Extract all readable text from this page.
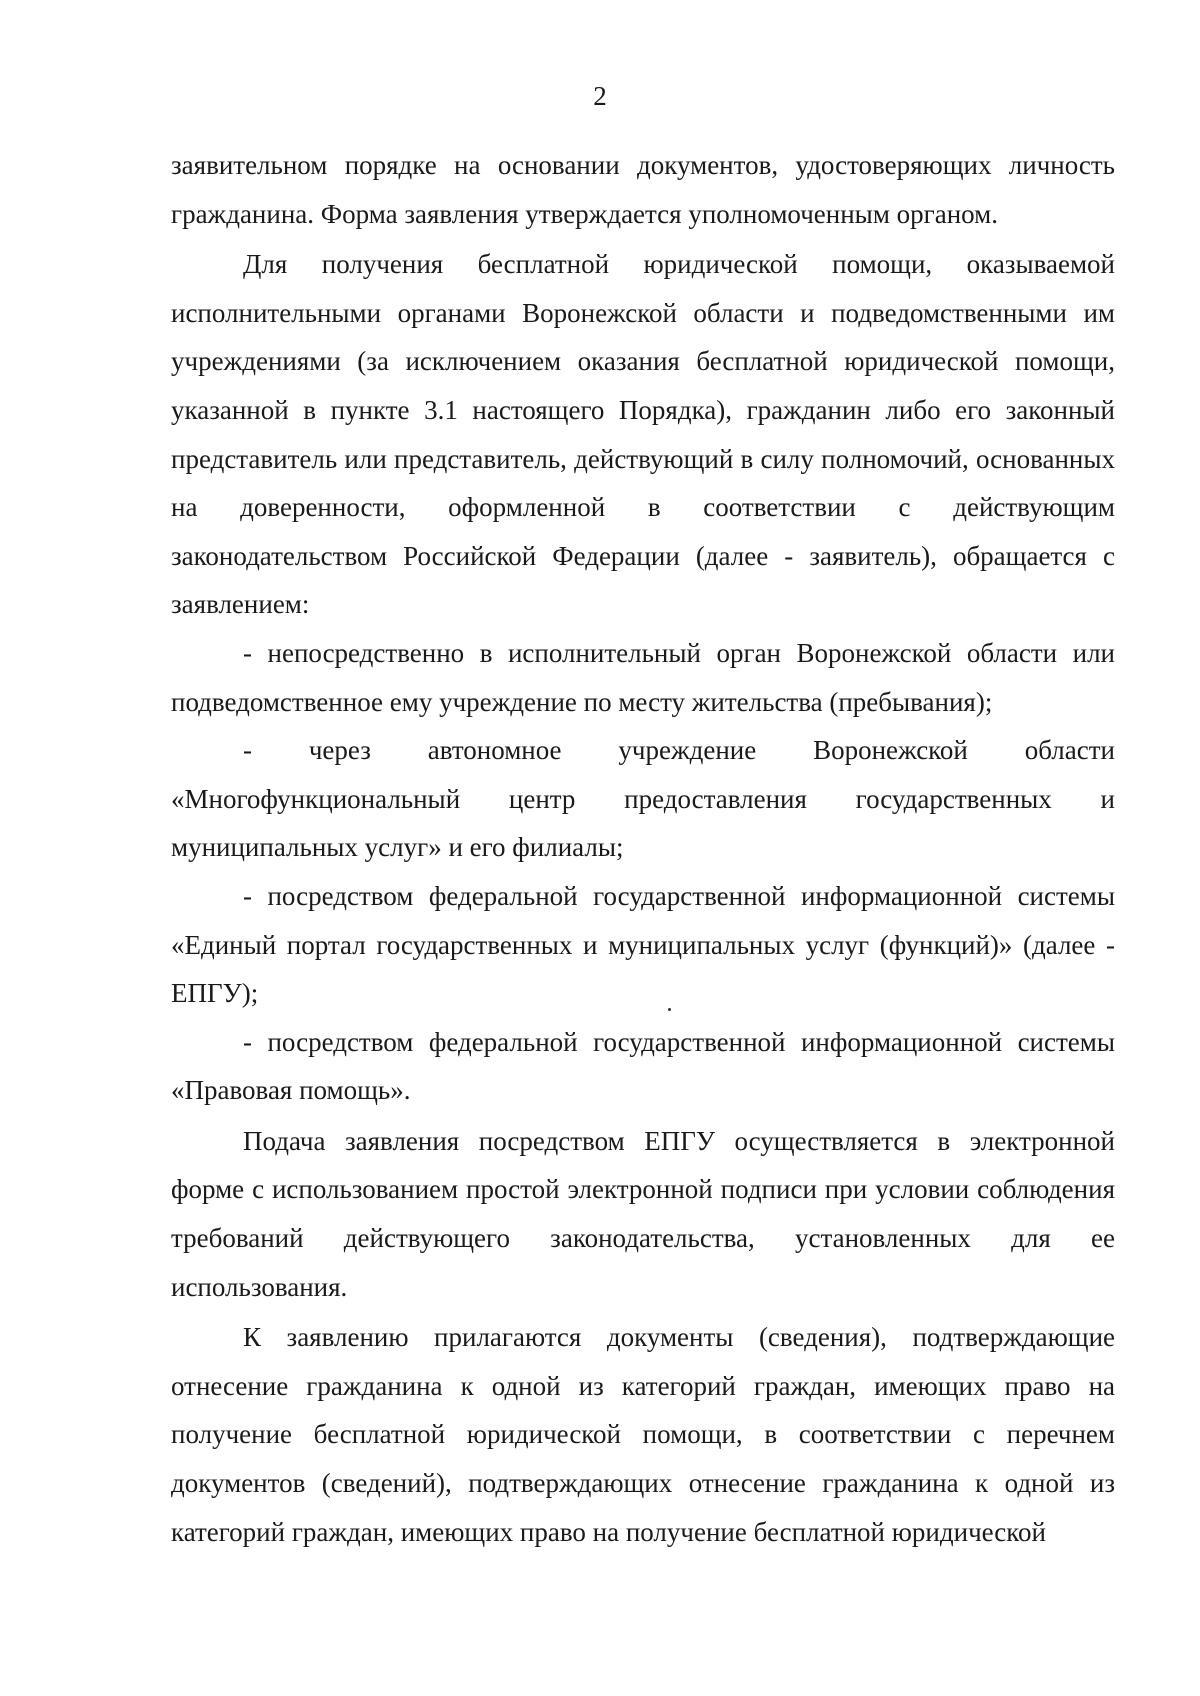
2

заявительном порядке на основании документов, удостоверяющих личность гражданина. Форма заявления утверждается уполномоченным органом.

Для получения бесплатной юридической помощи, оказываемой исполнительными органами Воронежской области и подведомственными им учреждениями (за исключением оказания бесплатной юридической помощи, указанной в пункте 3.1 настоящего Порядка), гражданин либо его законный представитель или представитель, действующий в силу полномочий, основанных на доверенности, оформленной в соответствии с действующим законодательством Российской Федерации (далее - заявитель), обращается с заявлением:

- непосредственно в исполнительный орган Воронежской области или подведомственное ему учреждение по месту жительства (пребывания);

- через автономное учреждение Воронежской области «Многофункциональный центр предоставления государственных и муниципальных услуг» и его филиалы;

- посредством федеральной государственной информационной системы «Единый портал государственных и муниципальных услуг (функций)» (далее - ЕПГУ);

- посредством федеральной государственной информационной системы «Правовая помощь».

Подача заявления посредством ЕПГУ осуществляется в электронной форме с использованием простой электронной подписи при условии соблюдения требований действующего законодательства, установленных для ее использования.

К заявлению прилагаются документы (сведения), подтверждающие отнесение гражданина к одной из категорий граждан, имеющих право на получение бесплатной юридической помощи, в соответствии с перечнем документов (сведений), подтверждающих отнесение гражданина к одной из категорий граждан, имеющих право на получение бесплатной юридической
